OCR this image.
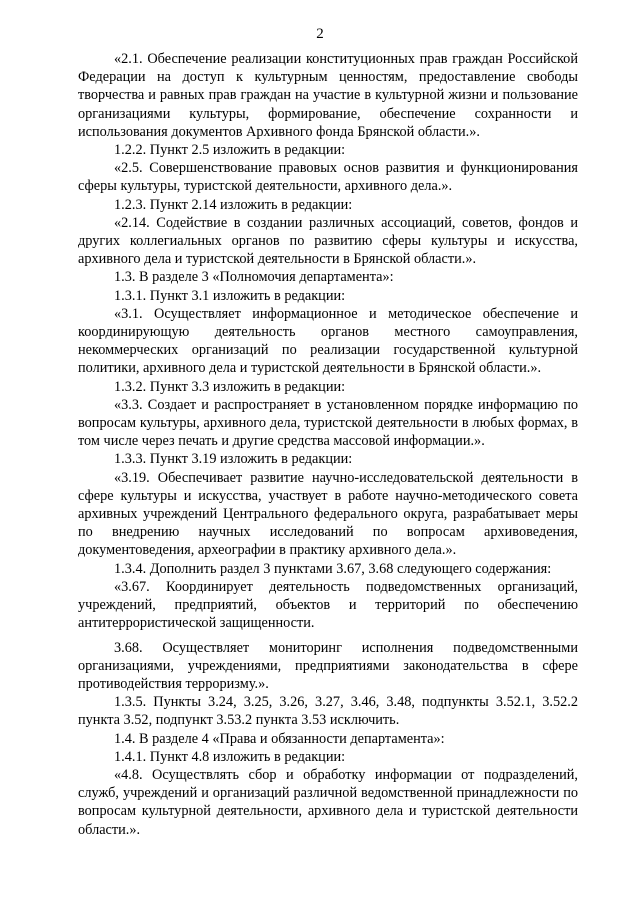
2

«2.1. Обеспечение реализации конституционных прав граждан Российской Федерации на доступ к культурным ценностям, предоставление свободы творчества и равных прав граждан на участие в культурной жизни и пользование организациями культуры, формирование, обеспечение сохранности и использования документов Архивного фонда Брянской области.».

1.2.2. Пункт 2.5 изложить в редакции:

«2.5. Совершенствование правовых основ развития и функционирования сферы культуры, туристской деятельности, архивного дела.».

1.2.3. Пункт 2.14 изложить в редакции:

«2.14. Содействие в создании различных ассоциаций, советов, фондов и других коллегиальных органов по развитию сферы культуры и искусства, архивного дела и туристской деятельности в Брянской области.».

1.3. В разделе 3 «Полномочия департамента»:

1.3.1. Пункт 3.1 изложить в редакции:

«3.1. Осуществляет информационное и методическое обеспечение и координирующую деятельность органов местного самоуправления, некоммерческих организаций по реализации государственной культурной политики, архивного дела и туристской деятельности в Брянской области.».

1.3.2. Пункт 3.3 изложить в редакции:

«3.3. Создает и распространяет в установленном порядке информацию по вопросам культуры, архивного дела, туристской деятельности в любых формах, в том числе через печать и другие средства массовой информации.».

1.3.3. Пункт 3.19 изложить в редакции:

«3.19. Обеспечивает развитие научно-исследовательской деятельности в сфере культуры и искусства, участвует в работе научно-методического совета архивных учреждений Центрального федерального округа, разрабатывает меры по внедрению научных исследований по вопросам архивоведения, документоведения, археографии в практику архивного дела.».

1.3.4. Дополнить раздел 3 пунктами 3.67, 3.68 следующего содержания:

«3.67. Координирует деятельность подведомственных организаций, учреждений, предприятий, объектов и территорий по обеспечению антитеррористической защищенности.

3.68. Осуществляет мониторинг исполнения подведомственными организациями, учреждениями, предприятиями законодательства в сфере противодействия терроризму.».

1.3.5. Пункты 3.24, 3.25, 3.26, 3.27, 3.46, 3.48, подпункты 3.52.1, 3.52.2 пункта 3.52, подпункт 3.53.2 пункта 3.53 исключить.

1.4. В разделе 4 «Права и обязанности департамента»:

1.4.1. Пункт 4.8 изложить в редакции:

«4.8. Осуществлять сбор и обработку информации от подразделений, служб, учреждений и организаций различной ведомственной принадлежности по вопросам культурной деятельности, архивного дела и туристской деятельности области.».
